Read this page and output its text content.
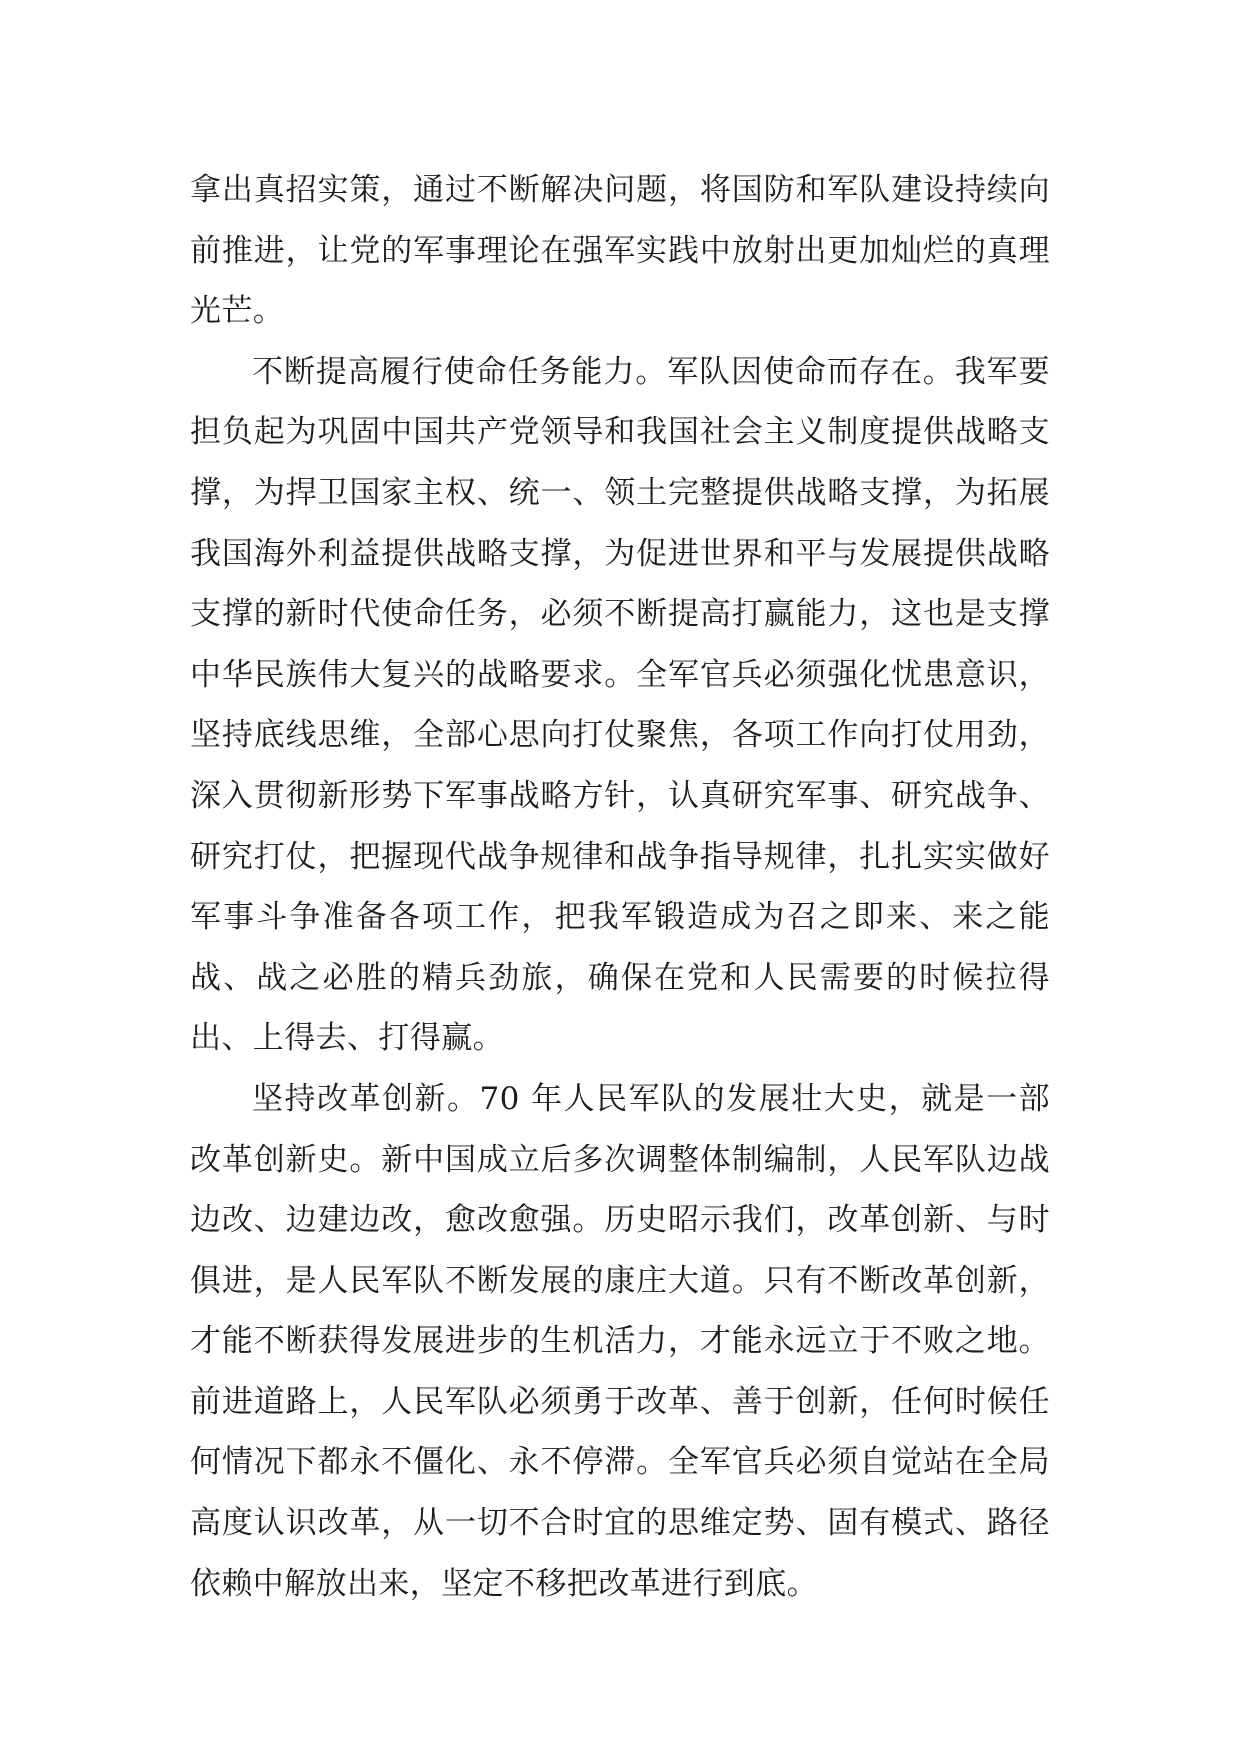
拿出真招实策，通过不断解决问题，将国防和军队建设持续向前推进，让党的军事理论在强军实践中放射出更加灿烂的真理光芒。

不断提高履行使命任务能力。军队因使命而存在。我军要担负起为巩固中国共产党领导和我国社会主义制度提供战略支撑，为捍卫国家主权、统一、领土完整提供战略支撑，为拓展我国海外利益提供战略支撑，为促进世界和平与发展提供战略支撑的新时代使命任务，必须不断提高打赢能力，这也是支撑中华民族伟大复兴的战略要求。全军官兵必须强化忧患意识，坚持底线思维，全部心思向打仗聚焦，各项工作向打仗用劲，深入贯彻新形势下军事战略方针，认真研究军事、研究战争、研究打仗，把握现代战争规律和战争指导规律，扎扎实实做好军事斗争准备各项工作，把我军锻造成为召之即来、来之能战、战之必胜的精兵劲旅，确保在党和人民需要的时候拉得出、上得去、打得赢。

坚持改革创新。70 年人民军队的发展壮大史，就是一部改革创新史。新中国成立后多次调整体制编制，人民军队边战边改、边建边改，愈改愈强。历史昭示我们，改革创新、与时俱进，是人民军队不断发展的康庄大道。只有不断改革创新，才能不断获得发展进步的生机活力，才能永远立于不败之地。前进道路上，人民军队必须勇于改革、善于创新，任何时候任何情况下都永不僵化、永不停滞。全军官兵必须自觉站在全局高度认识改革，从一切不合时宜的思维定势、固有模式、路径依赖中解放出来，坚定不移把改革进行到底。
